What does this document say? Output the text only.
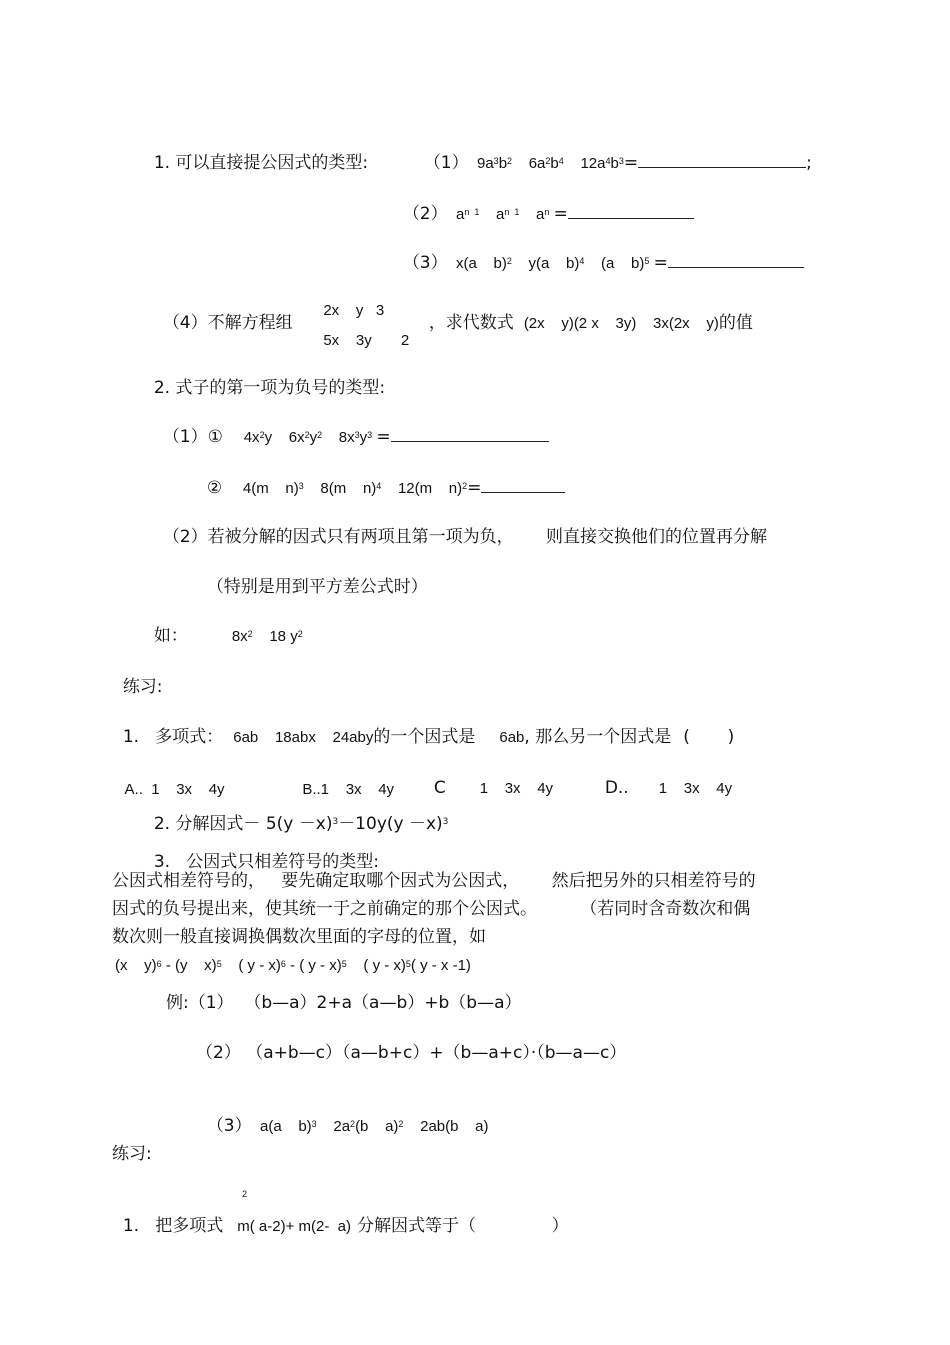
1. 可以直接提公因式的类型:	（1）  $9a^3b^2$    $6a^2b^4$    $12a^4b^3=$	;

（2）  $a^{n 1}$    $a^{n 1}$    $a^n$ =

（3）  x(a    b)$^2$    y(a    b)$^4$    (a    b)$^5$ =

（4）不解方程组

2x    y   3

5x    3y       2

，求代数式 (2x    y)(2 x    3y)    3x(2x    y)的值

2. 式子的第一项为负号的类型:

（1）①     $4x^2y$    $6x^2y^2$    $8x^3y^3$ =

②     4(m    n)$^3$    8(m    n)$^4$    12(m    n)$^2$=

（2）若被分解的因式只有两项且第一项为负，      则直接交换他们的位置再分解

（特别是用到平方差公式时）

如：	$8x^2$ 18 $y^2$

练习:

1.   多项式： 6ab    18abx    24aby的一个因式是 6ab, 那么另一个因式是 (       )

A..  1    3x    4y	B..1    3x    4y	C 1    3x    4y	D.. 1    3x    4y

2. 分解因式－ $5(y -x)^3-10y(y -x)^3$

3.   公因式只相差符号的类型:

公因式相差符号的，   要先确定取哪个因式为公因式，      然后把另外的只相差符号的
因式的负号提出来，使其统一于之前确定的那个公因式。        （若同时含奇数次和偶
数次则一般直接调换偶数次里面的字母的位置，如
(x    y)$^6$ - (y    x)$^5$    ( y - x)$^6$ - ( y - x)$^5$    ( y - x)$^5$( y - x -1)
例:（1）  （b—a）2+a（a—b）+b（b—a）
（2） （a+b—c）（a—b+c）+（b—a+c）·（b—a—c）

（3）  a(a    b)$^3$    $2a^2(b$    a)$^2$    2ab(b    a)

练习:

1.   把多项式 m( a-2)+ m(2-  a) 分解因式等于（              ）

2
